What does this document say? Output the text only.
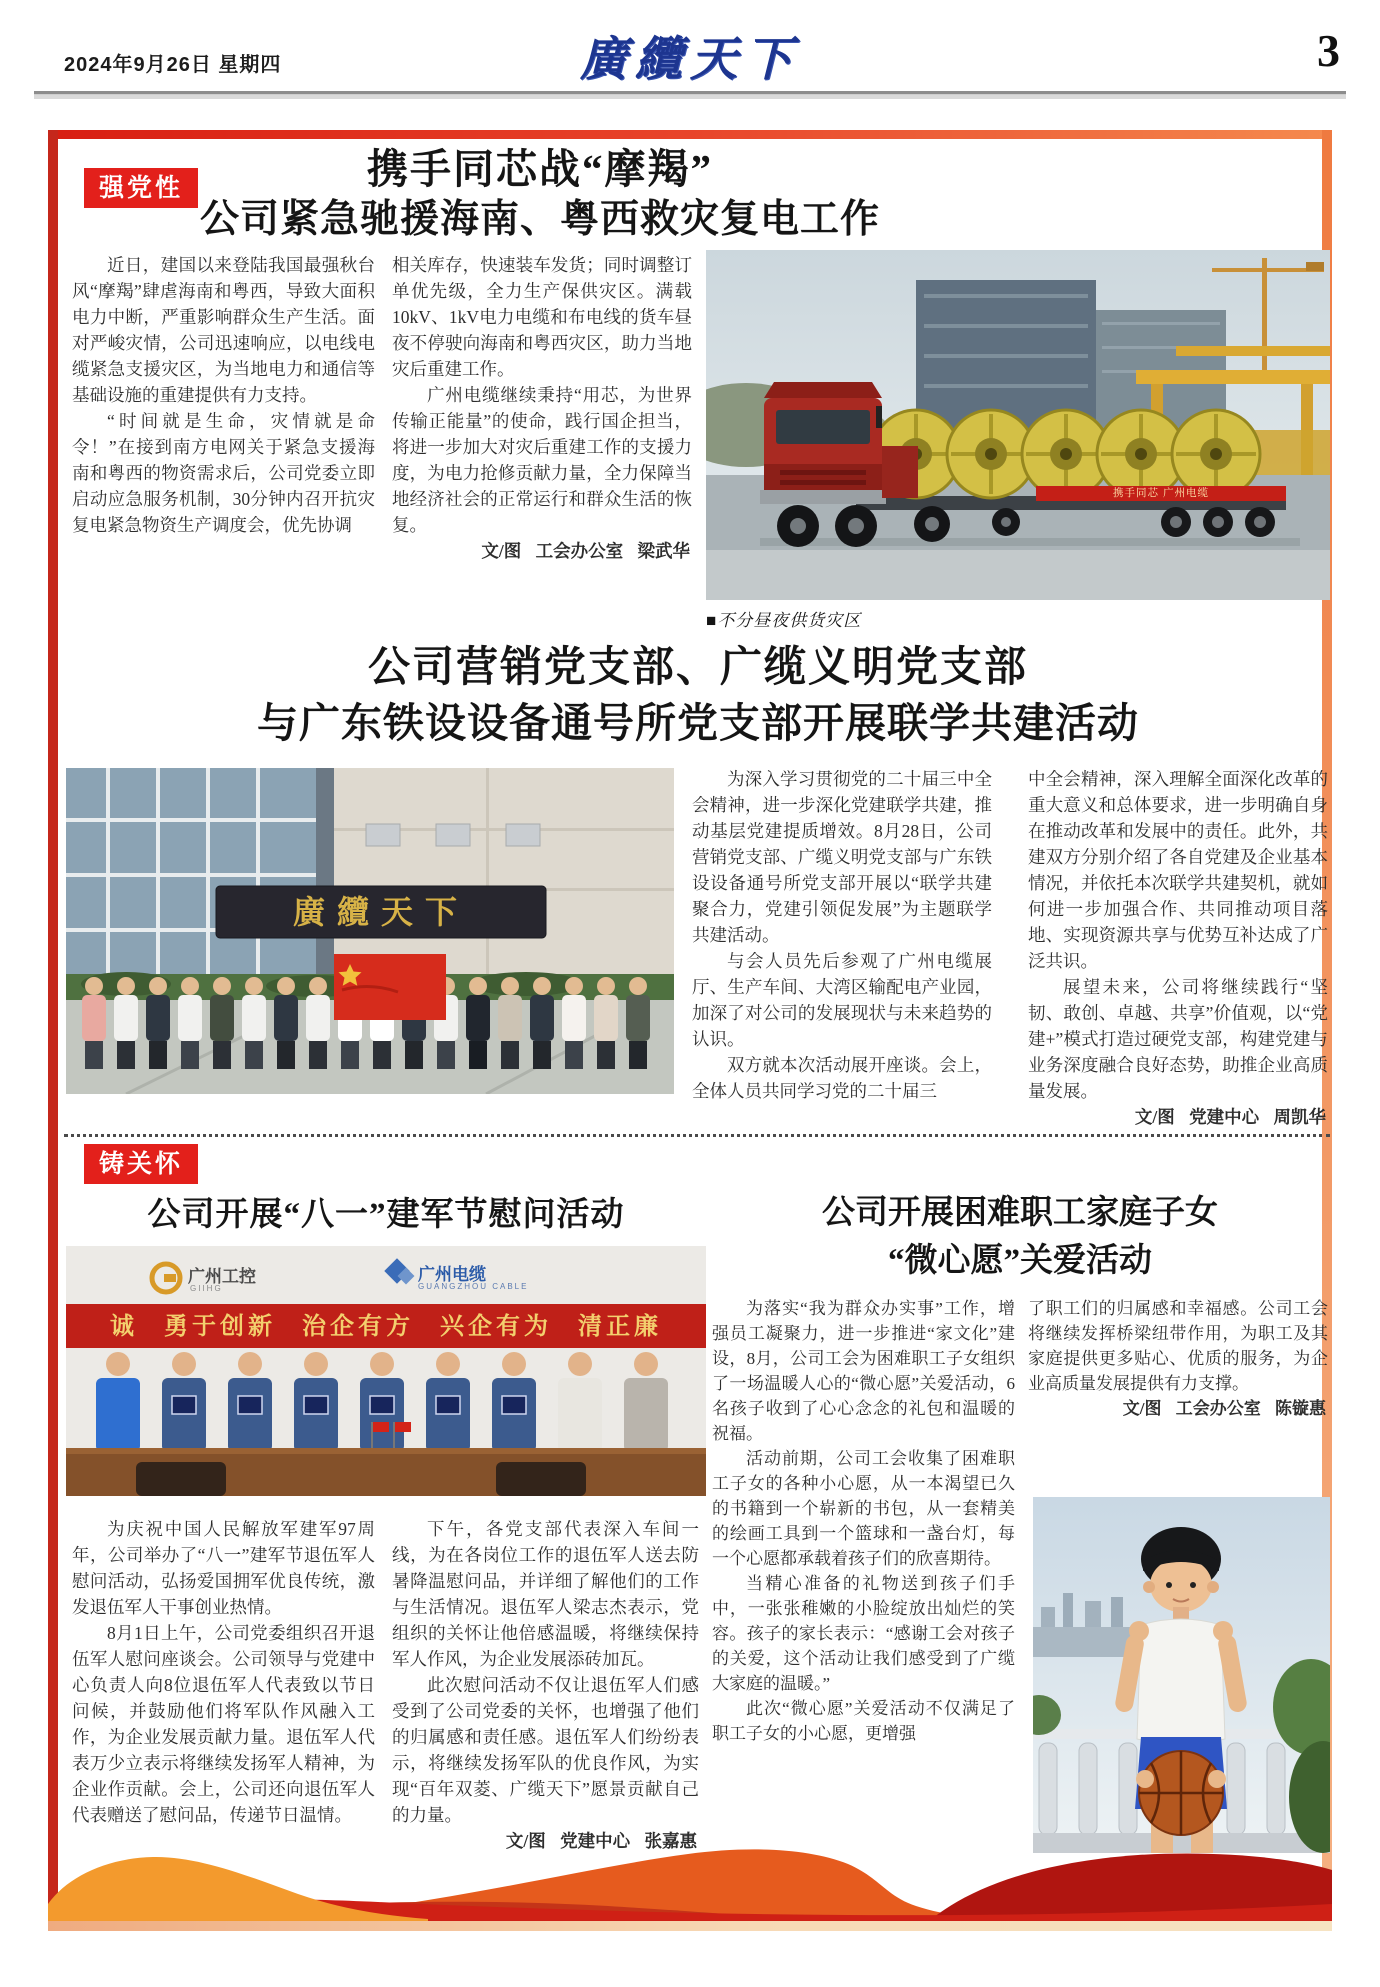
2024年9月26日 星期四	廣纜天下	3
强党性	携手同芯战“摩羯”
公司紧急驰援海南、粤西救灾复电工作

近日，建国以来登陆我国最强秋台风“摩羯”肆虐海南和粤西，导致大面积电力中断，严重影响群众生产生活。面对严峻灾情，公司迅速响应，以电线电缆紧急支援灾区，为当地电力和通信等基础设施的重建提供有力支持。

“时间就是生命，灾情就是命令！”在接到南方电网关于紧急支援海南和粤西的物资需求后，公司党委立即启动应急服务机制，30分钟内召开抗灾复电紧急物资生产调度会，优先协调

相关库存，快速装车发货；同时调整订单优先级，全力生产保供灾区。满载10kV、1kV电力电缆和布电线的货车昼夜不停驶向海南和粤西灾区，助力当地灾后重建工作。

广州电缆继续秉持“用芯，为世界传输正能量”的使命，践行国企担当，将进一步加大对灾后重建工作的支援力度，为电力抢修贡献力量，全力保障当地经济社会的正常运行和群众生活的恢复。

文/图 工会办公室 梁武华

携手同芯 广州电缆
■不分昼夜供货灾区
公司营销党支部、广缆义明党支部
与广东铁设设备通号所党支部开展联学共建活动
廣纜天下

为深入学习贯彻党的二十届三中全会精神，进一步深化党建联学共建，推动基层党建提质增效。8月28日，公司营销党支部、广缆义明党支部与广东铁设设备通号所党支部开展以“联学共建聚合力，党建引领促发展”为主题联学共建活动。

与会人员先后参观了广州电缆展厅、生产车间、大湾区输配电产业园，加深了对公司的发展现状与未来趋势的认识。

双方就本次活动展开座谈。会上，全体人员共同学习党的二十届三

中全会精神，深入理解全面深化改革的重大意义和总体要求，进一步明确自身在推动改革和发展中的责任。此外，共建双方分别介绍了各自党建及企业基本情况，并依托本次联学共建契机，就如何进一步加强合作、共同推动项目落地、实现资源共享与优势互补达成了广泛共识。

展望未来，公司将继续践行“坚韧、敢创、卓越、共享”价值观，以“党建+”模式打造过硬党支部，构建党建与业务深度融合良好态势，助推企业高质量发展。

文/图 党建中心 周凯华

铸关怀
公司开展“八一”建军节慰问活动
广州工控
GIIHG
广州电缆
GUANGZHOU CABLE
诚 勇于创新 治企有方 兴企有为 清正廉

为庆祝中国人民解放军建军97周年，公司举办了“八一”建军节退伍军人慰问活动，弘扬爱国拥军优良传统，激发退伍军人干事创业热情。

8月1日上午，公司党委组织召开退伍军人慰问座谈会。公司领导与党建中心负责人向8位退伍军人代表致以节日问候，并鼓励他们将军队作风融入工作，为企业发展贡献力量。退伍军人代表万少立表示将继续发扬军人精神，为企业作贡献。会上，公司还向退伍军人代表赠送了慰问品，传递节日温情。

下午，各党支部代表深入车间一线，为在各岗位工作的退伍军人送去防暑降温慰问品，并详细了解他们的工作与生活情况。退伍军人梁志杰表示，党组织的关怀让他倍感温暖，将继续保持军人作风，为企业发展添砖加瓦。

此次慰问活动不仅让退伍军人们感受到了公司党委的关怀，也增强了他们的归属感和责任感。退伍军人们纷纷表示，将继续发扬军队的优良作风，为实现“百年双菱、广缆天下”愿景贡献自己的力量。

文/图 党建中心 张嘉惠

公司开展困难职工家庭子女
“微心愿”关爱活动

为落实“我为群众办实事”工作，增强员工凝聚力，进一步推进“家文化”建设，8月，公司工会为困难职工子女组织了一场温暖人心的“微心愿”关爱活动，6名孩子收到了心心念念的礼包和温暖的祝福。

活动前期，公司工会收集了困难职工子女的各种小心愿，从一本渴望已久的书籍到一个崭新的书包，从一套精美的绘画工具到一个篮球和一盏台灯，每一个心愿都承载着孩子们的欣喜期待。

当精心准备的礼物送到孩子们手中，一张张稚嫩的小脸绽放出灿烂的笑容。孩子的家长表示：“感谢工会对孩子的关爱，这个活动让我们感受到了广缆大家庭的温暖。”

此次“微心愿”关爱活动不仅满足了职工子女的小心愿，更增强

了职工们的归属感和幸福感。公司工会将继续发挥桥梁纽带作用，为职工及其家庭提供更多贴心、优质的服务，为企业高质量发展提供有力支撑。

文/图 工会办公室 陈镟惠
